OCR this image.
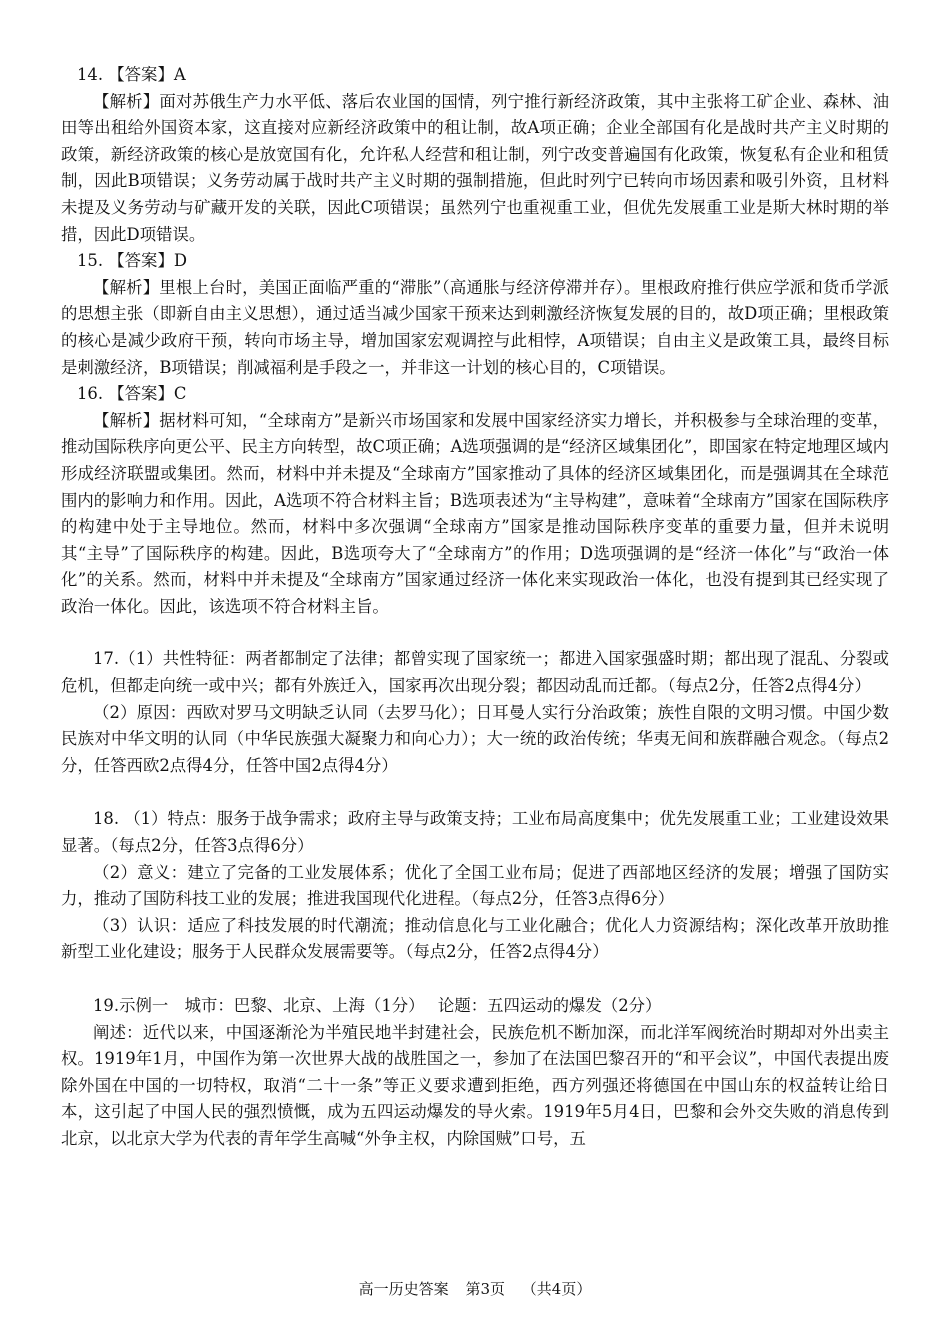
14. 【答案】A

【解析】面对苏俄生产力水平低、落后农业国的国情，列宁推行新经济政策，其中主张将工矿企业、森林、油田等出租给外国资本家，这直接对应新经济政策中的租让制，故A项正确；企业全部国有化是战时共产主义时期的政策，新经济政策的核心是放宽国有化，允许私人经营和租让制，列宁改变普遍国有化政策，恢复私有企业和租赁制，因此B项错误；义务劳动属于战时共产主义时期的强制措施，但此时列宁已转向市场因素和吸引外资，且材料未提及义务劳动与矿藏开发的关联，因此C项错误；虽然列宁也重视重工业，但优先发展重工业是斯大林时期的举措，因此D项错误。

15. 【答案】D

【解析】里根上台时，美国正面临严重的“滞胀”（高通胀与经济停滞并存）。里根政府推行供应学派和货币学派的思想主张（即新自由主义思想），通过适当减少国家干预来达到刺激经济恢复发展的目的，故D项正确；里根政策的核心是减少政府干预，转向市场主导，增加国家宏观调控与此相悖，A项错误；自由主义是政策工具，最终目标是刺激经济，B项错误；削减福利是手段之一，并非这一计划的核心目的，C项错误。

16. 【答案】C

【解析】据材料可知，“全球南方”是新兴市场国家和发展中国家经济实力增长，并积极参与全球治理的变革，推动国际秩序向更公平、民主方向转型，故C项正确；A选项强调的是“经济区域集团化”，即国家在特定地理区域内形成经济联盟或集团。然而，材料中并未提及“全球南方”国家推动了具体的经济区域集团化，而是强调其在全球范围内的影响力和作用。因此，A选项不符合材料主旨；B选项表述为“主导构建”，意味着“全球南方”国家在国际秩序的构建中处于主导地位。然而，材料中多次强调“全球南方”国家是推动国际秩序变革的重要力量，但并未说明其“主导”了国际秩序的构建。因此，B选项夸大了“全球南方”的作用；D选项强调的是“经济一体化”与“政治一体化”的关系。然而，材料中并未提及“全球南方”国家通过经济一体化来实现政治一体化，也没有提到其已经实现了政治一体化。因此，该选项不符合材料主旨。

17.（1）共性特征：两者都制定了法律；都曾实现了国家统一；都进入国家强盛时期；都出现了混乱、分裂或危机，但都走向统一或中兴；都有外族迁入，国家再次出现分裂；都因动乱而迁都。（每点2分，任答2点得4分）

（2）原因：西欧对罗马文明缺乏认同（去罗马化）；日耳曼人实行分治政策；族性自限的文明习惯。中国少数民族对中华文明的认同（中华民族强大凝聚力和向心力）；大一统的政治传统；华夷无间和族群融合观念。（每点2分，任答西欧2点得4分，任答中国2点得4分）

18. （1）特点：服务于战争需求；政府主导与政策支持；工业布局高度集中；优先发展重工业；工业建设效果显著。（每点2分，任答3点得6分）

（2）意义：建立了完备的工业发展体系；优化了全国工业布局；促进了西部地区经济的发展；增强了国防实力，推动了国防科技工业的发展；推进我国现代化进程。（每点2分，任答3点得6分）

（3）认识：适应了科技发展的时代潮流；推动信息化与工业化融合；优化人力资源结构；深化改革开放助推新型工业化建设；服务于人民群众发展需要等。（每点2分，任答2点得4分）

19.示例一　城市：巴黎、北京、上海（1分）　 论题：五四运动的爆发（2分）

阐述：近代以来，中国逐渐沦为半殖民地半封建社会，民族危机不断加深，而北洋军阀统治时期却对外出卖主权。1919年1月，中国作为第一次世界大战的战胜国之一，参加了在法国巴黎召开的“和平会议”，中国代表提出废除外国在中国的一切特权，取消“二十一条”等正义要求遭到拒绝，西方列强还将德国在中国山东的权益转让给日本，这引起了中国人民的强烈愤慨，成为五四运动爆发的导火索。1919年5月4日，巴黎和会外交失败的消息传到北京，以北京大学为代表的青年学生高喊“外争主权，内除国贼”口号，五

高一历史答案 第3页 （共4页）
